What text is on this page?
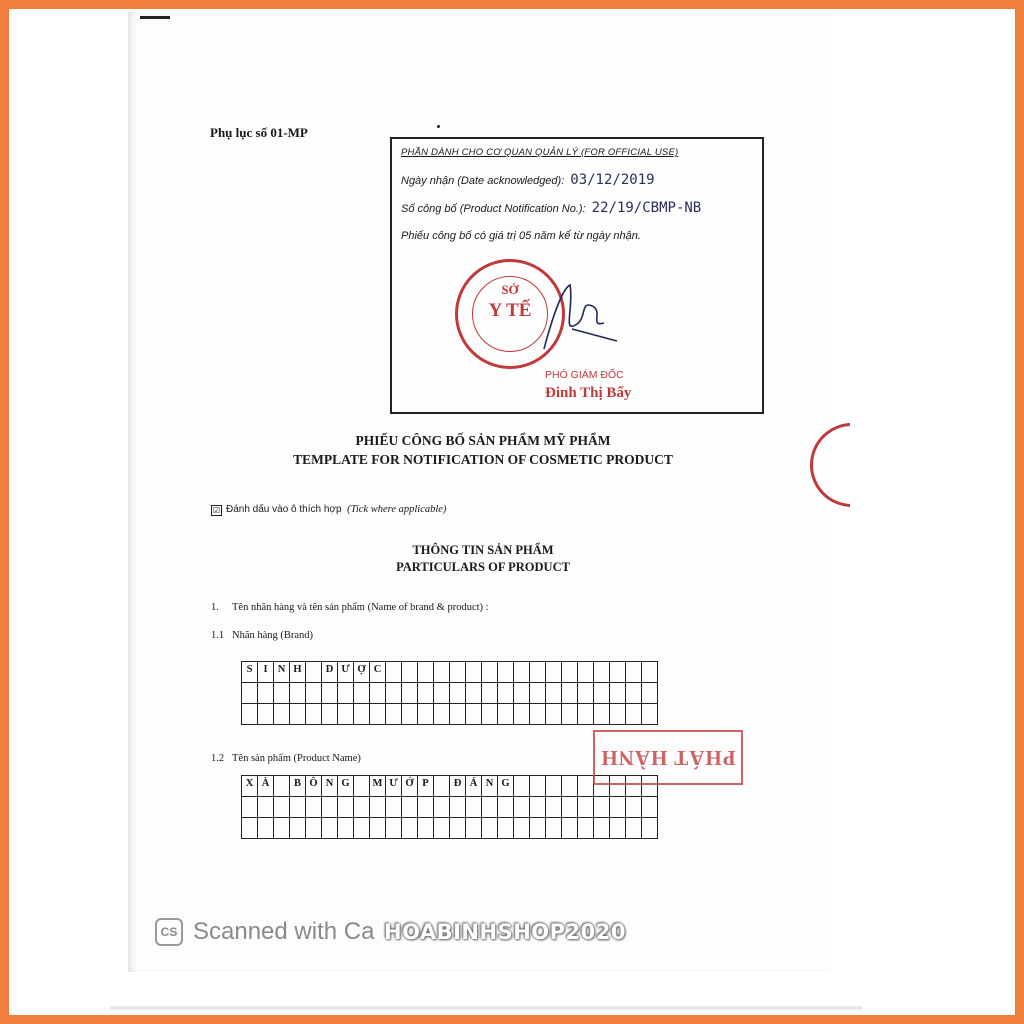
Phụ lục số 01-MP
PHẦN DÀNH CHO CƠ QUAN QUẢN LÝ (FOR OFFICIAL USE)
Ngày nhận (Date acknowledged): 03/12/2019
Số công bố (Product Notification No.): 22/19/CBMP-NB
Phiếu công bố có giá trị 05 năm kể từ ngày nhận.
SỞ
Y TẾ
PHÓ GIÁM ĐỐC
Đinh Thị Bẩy
PHIẾU CÔNG BỐ SẢN PHẨM MỸ PHẨM
TEMPLATE FOR NOTIFICATION OF COSMETIC PRODUCT
☑ Đánh dấu vào ô thích hợp (Tick where applicable)
THÔNG TIN SẢN PHẨM
PARTICULARS OF PRODUCT
1. Tên nhãn hàng và tên sản phẩm (Name of brand & product) :
1.1 Nhãn hàng (Brand)
S	I	N	H		D	Ư	Ợ	C																	

1.2 Tên sản phẩm (Product Name)
X	À		B	Ô	N	G		M	Ư	Ớ	P		Đ	Á	N	G									

PHÁT HÀNH
CS Scanned with Ca HOABINHSHOP2020
